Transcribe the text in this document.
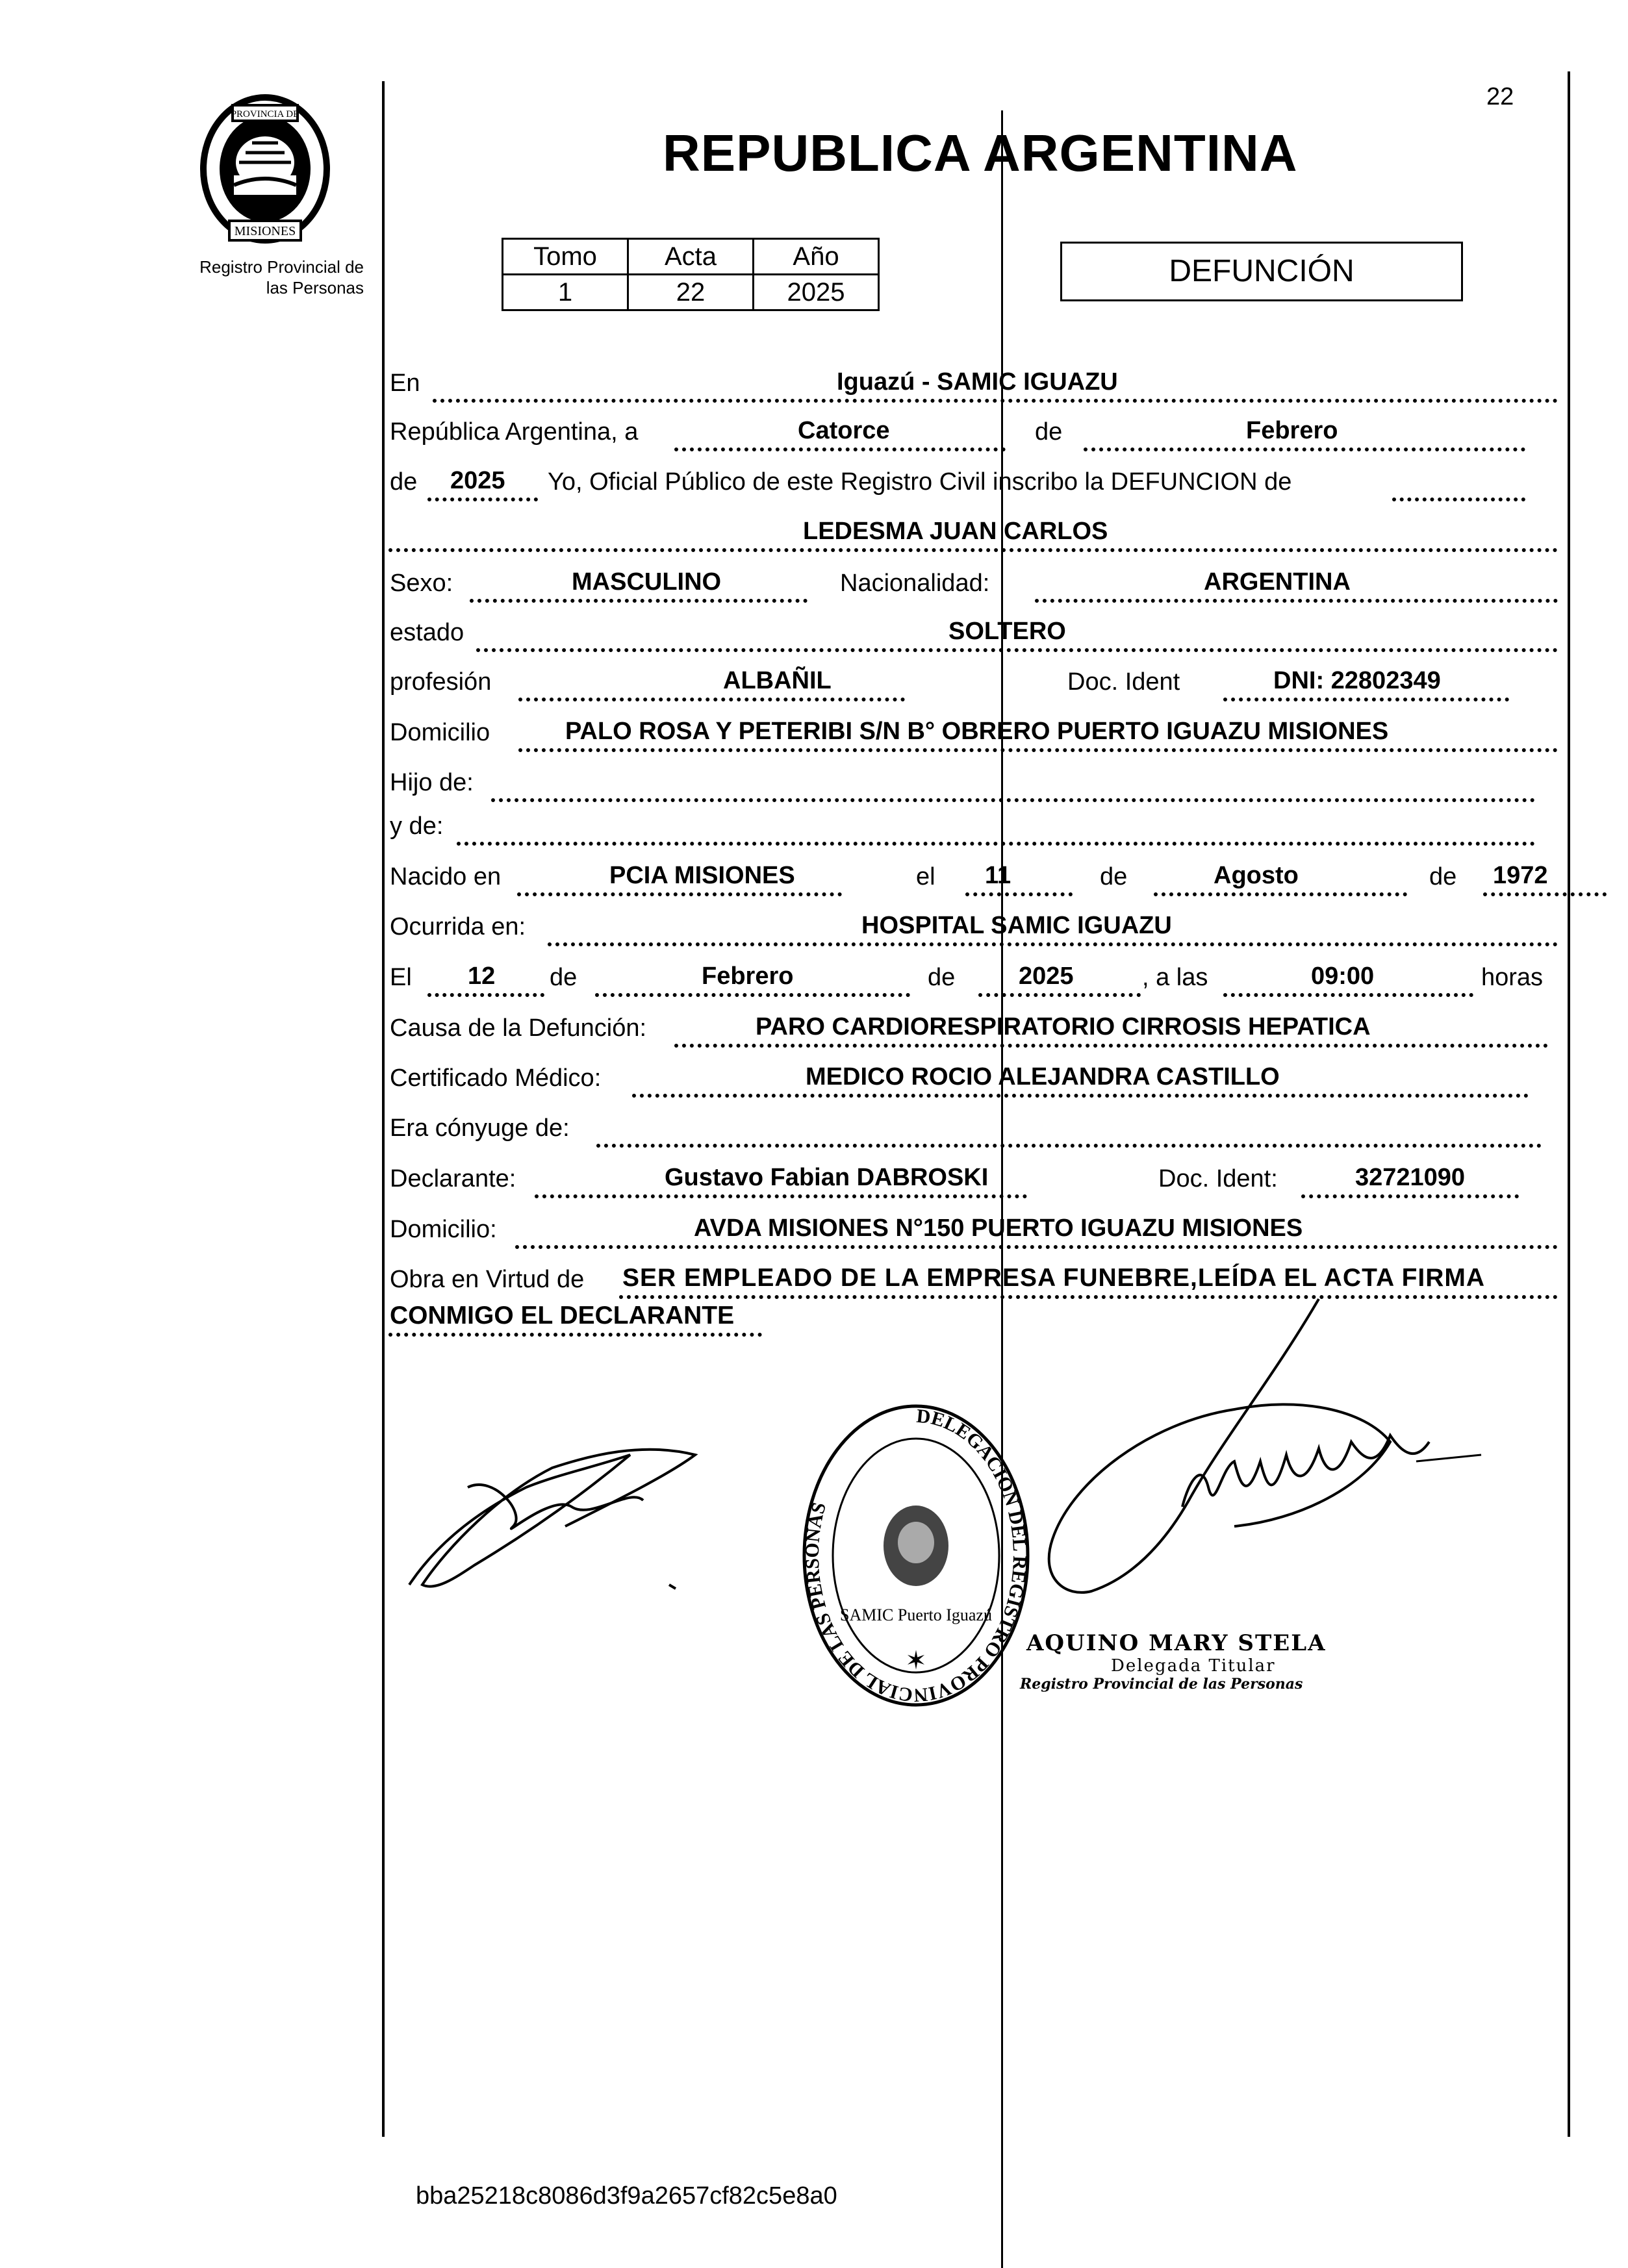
PROVINCIA DE
MISIONES
Registro Provincial de
las Personas
22
REPUBLICA ARGENTINA
Tomo	Acta	Año
1	22	2025
DEFUNCIÓN
En	Iguazú - SAMIC IGUAZU
República Argentina, a	Catorce	de	Febrero
de 2025 Yo, Oficial Público de este Registro Civil inscribo la DEFUNCION de
LEDESMA JUAN CARLOS
Sexo:	MASCULINO	Nacionalidad:	ARGENTINA
estado	SOLTERO
profesión	ALBAÑIL	Doc. Ident	DNI: 22802349
Domicilio	PALO ROSA Y PETERIBI S/N B° OBRERO PUERTO IGUAZU MISIONES
Hijo de:
y de:
Nacido en	PCIA MISIONES	el 11	de	Agosto	de 1972
Ocurrida en:	HOSPITAL SAMIC IGUAZU
El 12 de	Febrero	de	2025	, a las	09:00	horas
Causa de la Defunción:	PARO CARDIORESPIRATORIO CIRROSIS HEPATICA
Certificado Médico:	MEDICO ROCIO ALEJANDRA CASTILLO
Era cónyuge de:
Declarante:	Gustavo Fabian DABROSKI	Doc. Ident:	32721090
Domicilio:	AVDA MISIONES N°150 PUERTO IGUAZU MISIONES
Obra en Virtud de SER EMPLEADO DE LA EMPRESA FUNEBRE,LEÍDA EL ACTA FIRMA
CONMIGO EL DECLARANTE
DELEGACION DEL REGISTRO PROVINCIAL DE LAS PERSONAS
SAMIC Puerto Iguazú
✶
AQUINO MARY STELA
Delegada Titular
Registro Provincial de las Personas
bba25218c8086d3f9a2657cf82c5e8a0
